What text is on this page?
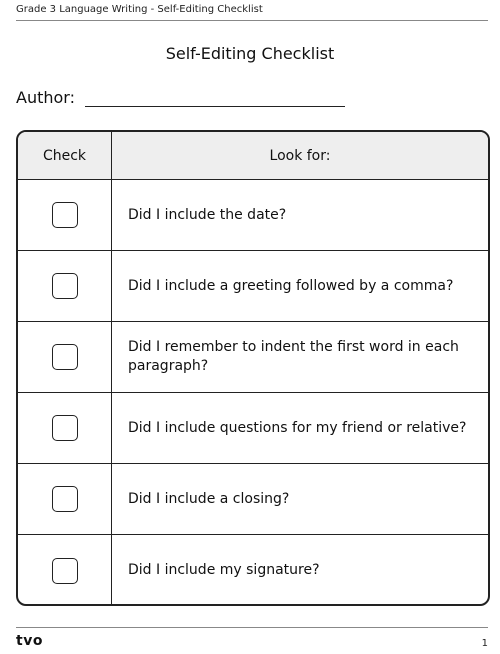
Grade 3 Language Writing - Self-Editing Checklist
Self-Editing Checklist
Author:
Check	Look for:
Did I include the date?
Did I include a greeting followed by a comma?
Did I remember to indent the first word in each paragraph?
Did I include questions for my friend or relative?
Did I include a closing?
Did I include my signature?
tvo	1
